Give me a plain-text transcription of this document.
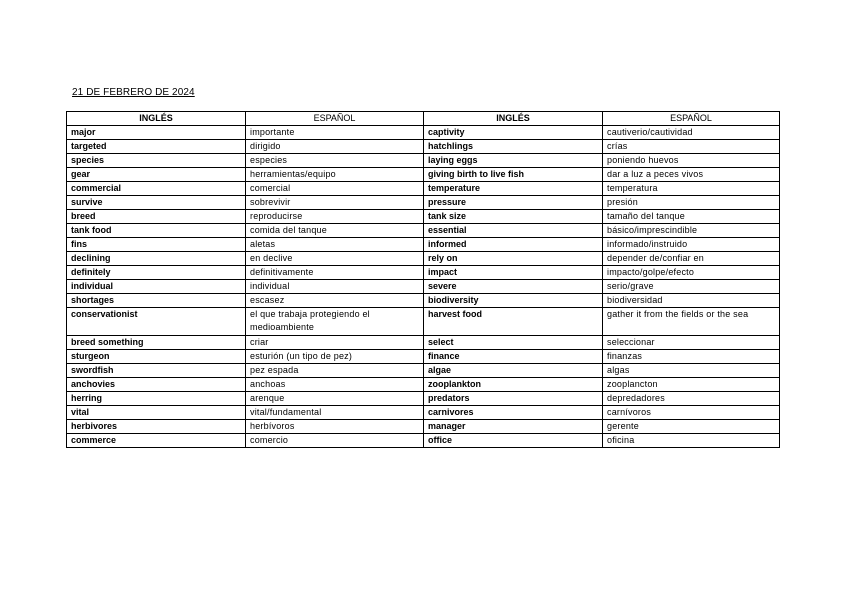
21 DE FEBRERO DE 2024
INGLÉS	ESPAÑOL	INGLÉS	ESPAÑOL
major	importante	captivity	cautiverio/cautividad
targeted	dirigido	hatchlings	crías
species	especies	laying eggs	poniendo huevos
gear	herramientas/equipo	giving birth to live fish	dar a luz a peces vivos
commercial	comercial	temperature	temperatura
survive	sobrevivir	pressure	presión
breed	reproducirse	tank size	tamaño del tanque
tank food	comida del tanque	essential	básico/imprescindible
fins	aletas	informed	informado/instruido
declining	en declive	rely on	depender de/confiar en
definitely	definitivamente	impact	impacto/golpe/efecto
individual	individual	severe	serio/grave
shortages	escasez	biodiversity	biodiversidad
conservationist	el que trabaja protegiendo el medioambiente	harvest food	gather it from the fields or the sea
breed something	criar	select	seleccionar
sturgeon	esturión (un tipo de pez)	finance	finanzas
swordfish	pez espada	algae	algas
anchovies	anchoas	zooplankton	zooplancton
herring	arenque	predators	depredadores
vital	vital/fundamental	carnivores	carnívoros
herbivores	herbívoros	manager	gerente
commerce	comercio	office	oficina
